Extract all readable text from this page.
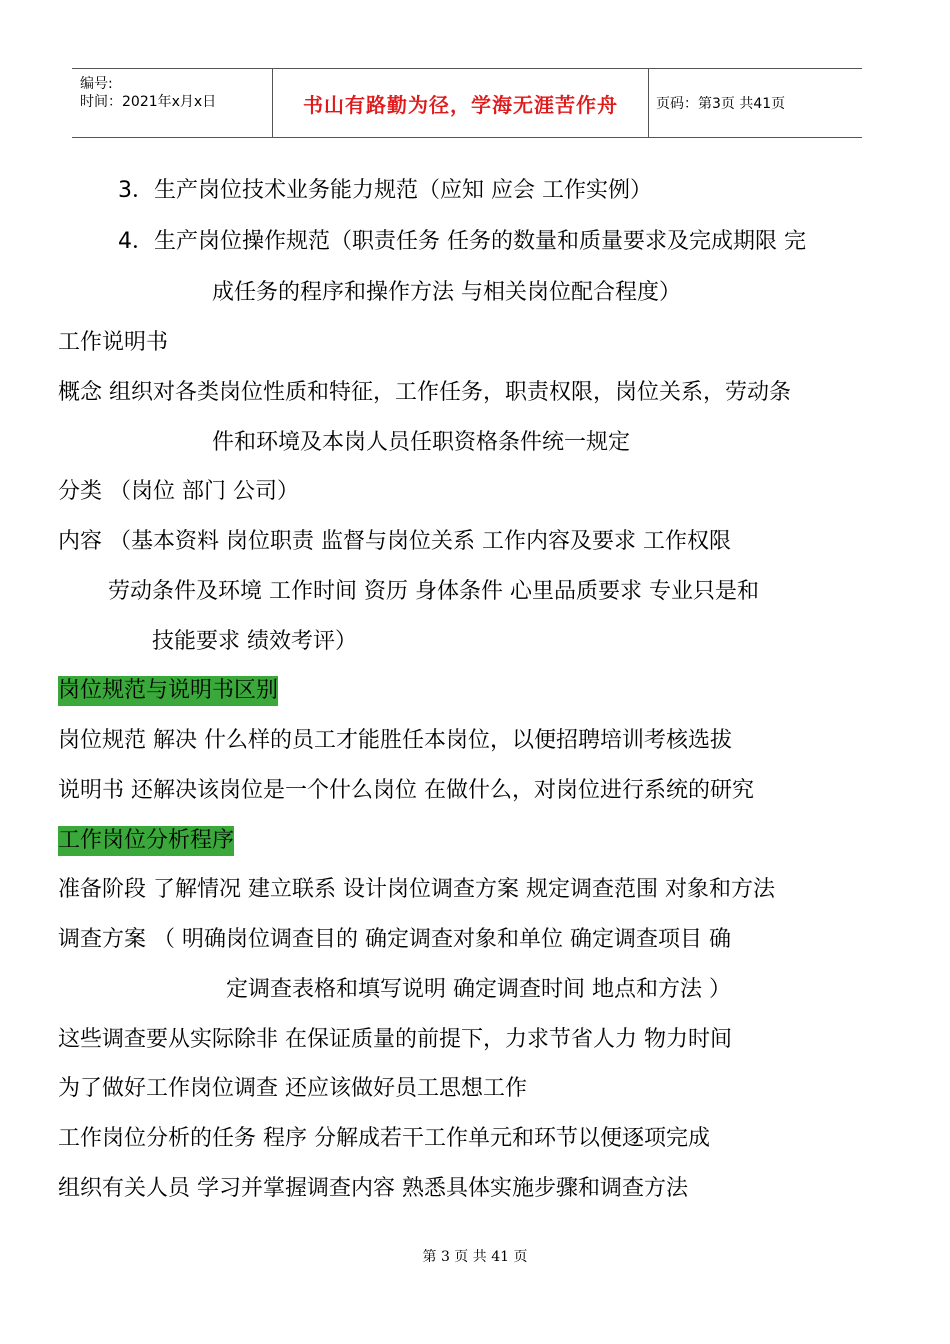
编号:
时间：2021年x月x日	书山有路勤为径，学海无涯苦作舟	页码：第3页 共41页
3．生产岗位技术业务能力规范（应知 应会 工作实例）
4．生产岗位操作规范（职责任务 任务的数量和质量要求及完成期限 完
成任务的程序和操作方法 与相关岗位配合程度）
工作说明书
概念 组织对各类岗位性质和特征，工作任务，职责权限，岗位关系，劳动条
件和环境及本岗人员任职资格条件统一规定
分类 （岗位 部门 公司）
内容 （基本资料 岗位职责 监督与岗位关系 工作内容及要求 工作权限
劳动条件及环境 工作时间 资历 身体条件 心里品质要求 专业只是和
技能要求 绩效考评）
岗位规范与说明书区别
岗位规范 解决 什么样的员工才能胜任本岗位，以便招聘培训考核选拔
说明书 还解决该岗位是一个什么岗位 在做什么，对岗位进行系统的研究
工作岗位分析程序
准备阶段 了解情况 建立联系 设计岗位调查方案 规定调查范围 对象和方法
调查方案 （ 明确岗位调查目的 确定调查对象和单位 确定调查项目 确
定调查表格和填写说明 确定调查时间 地点和方法 ）
这些调查要从实际除非 在保证质量的前提下，力求节省人力 物力时间
为了做好工作岗位调查 还应该做好员工思想工作
工作岗位分析的任务 程序 分解成若干工作单元和环节以便逐项完成
组织有关人员 学习并掌握调查内容 熟悉具体实施步骤和调查方法
第 3 页 共 41 页
